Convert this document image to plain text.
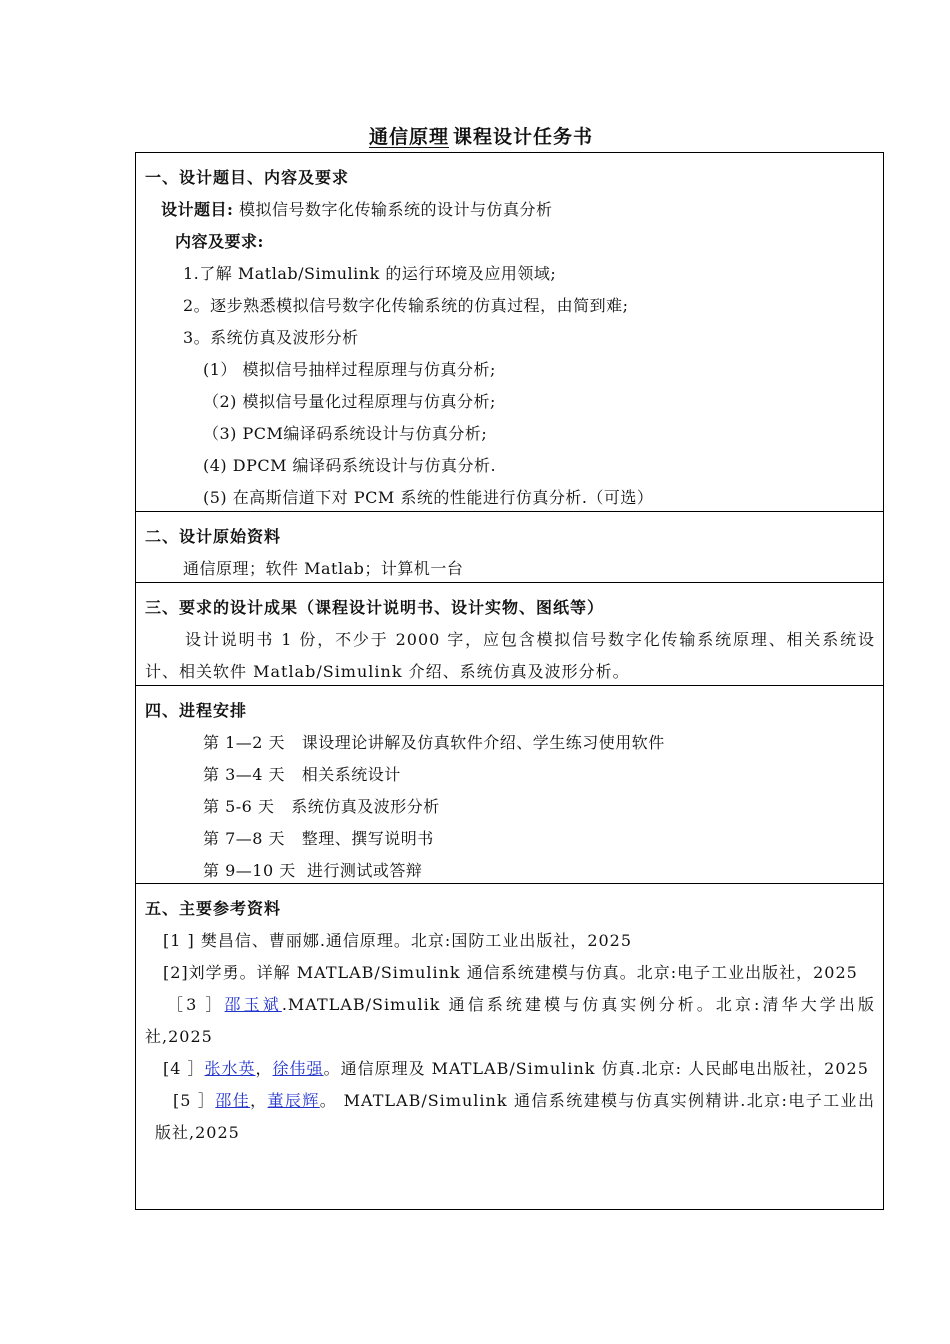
通信原理 课程设计任务书
一、设计题目、内容及要求
设计题目: 模拟信号数字化传输系统的设计与仿真分析
内容及要求:
1.了解 Matlab/Simulink 的运行环境及应用领域;
2。逐步熟悉模拟信号数字化传输系统的仿真过程，由简到难;
3。系统仿真及波形分析
(1） 模拟信号抽样过程原理与仿真分析;
（2) 模拟信号量化过程原理与仿真分析;
（3) PCM编译码系统设计与仿真分析;
(4) DPCM 编译码系统设计与仿真分析.
(5) 在高斯信道下对 PCM 系统的性能进行仿真分析.（可选）
二、设计原始资料
通信原理；软件 Matlab；计算机一台
三、要求的设计成果（课程设计说明书、设计实物、图纸等）
设计说明书 1 份，不少于 2000 字，应包含模拟信号数字化传输系统原理、相关系统设计、相关软件 Matlab/Simulink 介绍、系统仿真及波形分析。
四、进程安排
第 1—2 天   课设理论讲解及仿真软件介绍、学生练习使用软件
第 3—4 天   相关系统设计
第 5-6 天   系统仿真及波形分析
第 7—8 天   整理、撰写说明书
第 9—10 天  进行测试或答辩
五、主要参考资料
[1 ] 樊昌信、曹丽娜.通信原理。北京:国防工业出版社，2025
[2]刘学勇。详解 MATLAB/Simulink 通信系统建模与仿真。北京:电子工业出版社，2025
［3 ］邵玉斌.MATLAB/Simulik 通信系统建模与仿真实例分析。北京:清华大学出版社,2025
[4 ］张水英，徐伟强。通信原理及 MATLAB/Simulink 仿真.北京: 人民邮电出版社，2025
[5 ］邵佳，董辰辉。 MATLAB/Simulink 通信系统建模与仿真实例精讲.北京:电子工业出版社,2025
